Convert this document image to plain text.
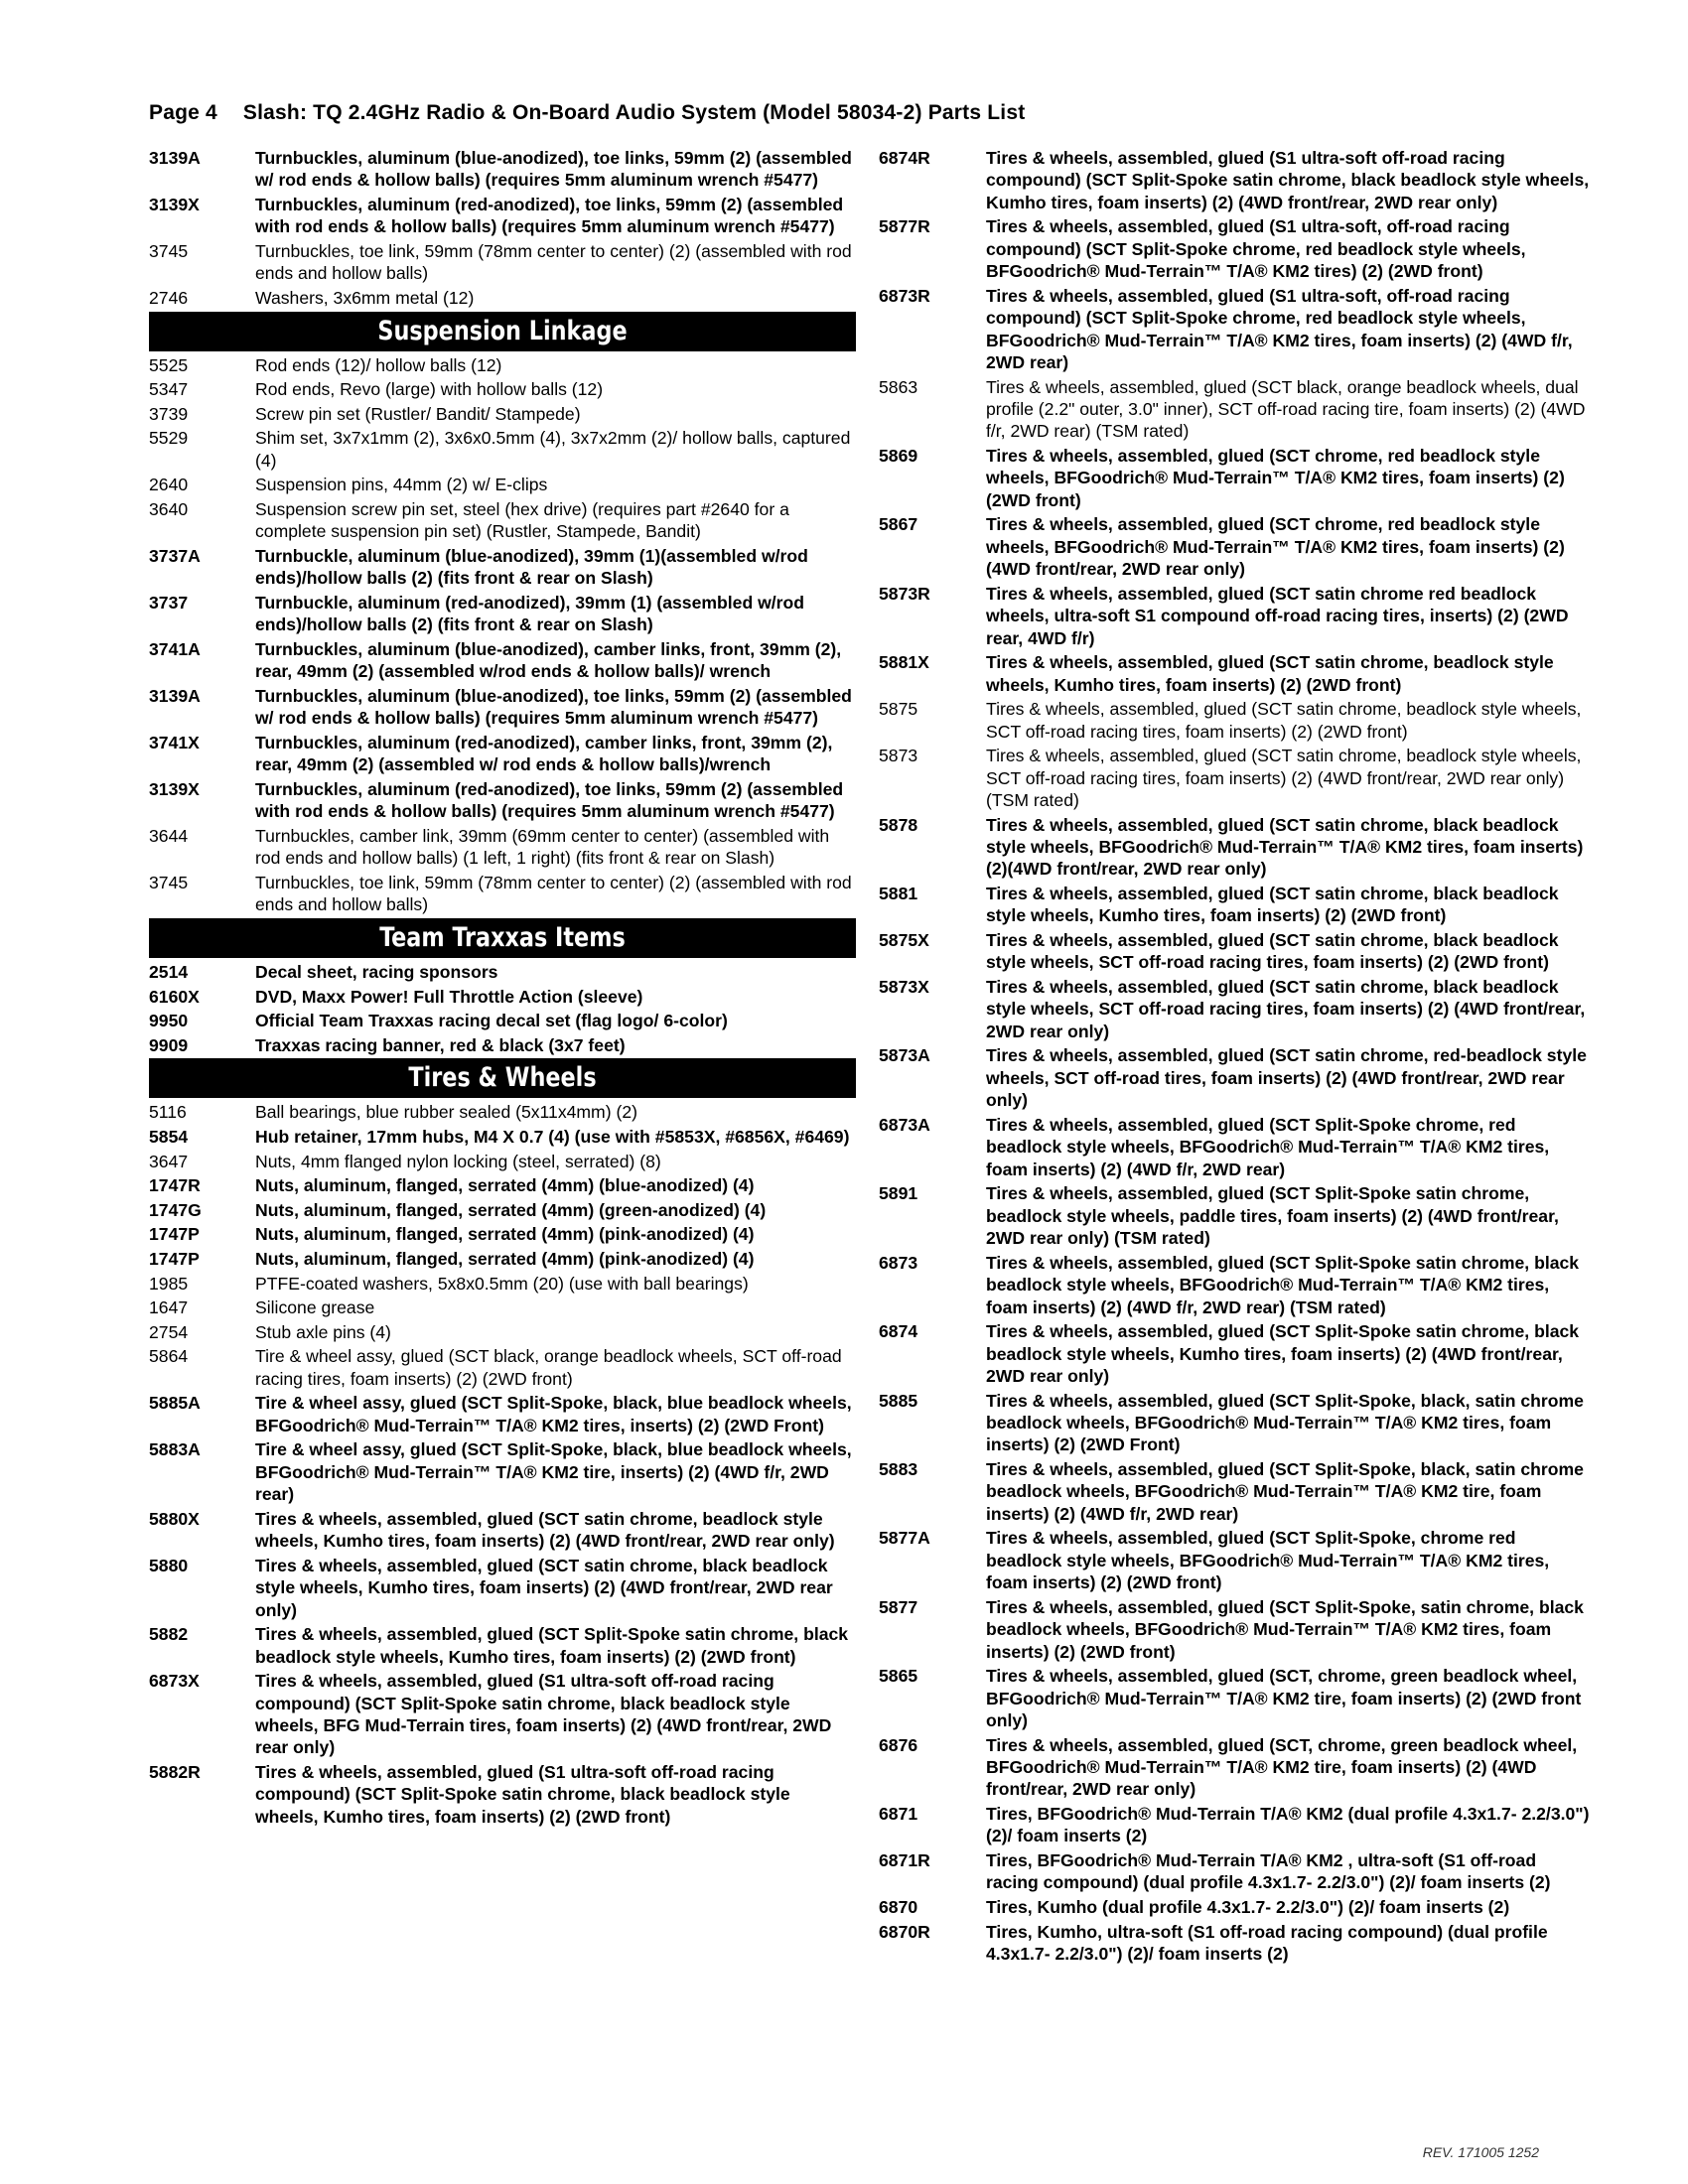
Page 4 Slash: TQ 2.4GHz Radio & On-Board Audio System (Model 58034-2) Parts List
3139A	Turnbuckles, aluminum (blue-anodized), toe links, 59mm (2) (assembled w/ rod ends & hollow balls) (requires 5mm aluminum wrench #5477)
3139X	Turnbuckles, aluminum (red-anodized), toe links, 59mm (2) (assembled with rod ends & hollow balls) (requires 5mm aluminum wrench #5477)
3745	Turnbuckles, toe link, 59mm (78mm center to center) (2) (assembled with rod ends and hollow balls)
2746	Washers, 3x6mm metal (12)
Suspension Linkage
5525	Rod ends (12)/ hollow balls (12)
5347	Rod ends, Revo (large) with hollow balls (12)
3739	Screw pin set (Rustler/ Bandit/ Stampede)
5529	Shim set, 3x7x1mm (2), 3x6x0.5mm (4), 3x7x2mm (2)/ hollow balls, captured (4)
2640	Suspension pins, 44mm (2) w/ E-clips
3640	Suspension screw pin set, steel (hex drive) (requires part #2640 for a complete suspension pin set) (Rustler, Stampede, Bandit)
3737A	Turnbuckle, aluminum (blue-anodized), 39mm (1)(assembled w/rod ends)/hollow balls (2) (fits front & rear on Slash)
3737	Turnbuckle, aluminum (red-anodized), 39mm (1) (assembled w/rod ends)/hollow balls (2) (fits front & rear on Slash)
3741A	Turnbuckles, aluminum (blue-anodized), camber links, front, 39mm (2), rear, 49mm (2) (assembled w/rod ends & hollow balls)/ wrench
3139A	Turnbuckles, aluminum (blue-anodized), toe links, 59mm (2) (assembled w/ rod ends & hollow balls) (requires 5mm aluminum wrench #5477)
3741X	Turnbuckles, aluminum (red-anodized), camber links, front, 39mm (2), rear, 49mm (2) (assembled w/ rod ends & hollow balls)/wrench
3139X	Turnbuckles, aluminum (red-anodized), toe links, 59mm (2) (assembled with rod ends & hollow balls) (requires 5mm aluminum wrench #5477)
3644	Turnbuckles, camber link, 39mm (69mm center to center) (assembled with rod ends and hollow balls) (1 left, 1 right) (fits front & rear on Slash)
3745	Turnbuckles, toe link, 59mm (78mm center to center) (2) (assembled with rod ends and hollow balls)
Team Traxxas Items
2514	Decal sheet, racing sponsors
6160X	DVD, Maxx Power! Full Throttle Action (sleeve)
9950	Official Team Traxxas racing decal set (flag logo/ 6-color)
9909	Traxxas racing banner, red & black (3x7 feet)
Tires & Wheels
5116	Ball bearings, blue rubber sealed (5x11x4mm) (2)
5854	Hub retainer, 17mm hubs, M4 X 0.7 (4) (use with #5853X, #6856X, #6469)
3647	Nuts, 4mm flanged nylon locking (steel, serrated) (8)
1747R	Nuts, aluminum, flanged, serrated (4mm) (blue-anodized) (4)
1747G	Nuts, aluminum, flanged, serrated (4mm) (green-anodized) (4)
1747P	Nuts, aluminum, flanged, serrated (4mm) (pink-anodized) (4)
1747P	Nuts, aluminum, flanged, serrated (4mm) (pink-anodized) (4)
1985	PTFE-coated washers, 5x8x0.5mm (20) (use with ball bearings)
1647	Silicone grease
2754	Stub axle pins (4)
5864	Tire & wheel assy, glued (SCT black, orange beadlock wheels, SCT off-road racing tires, foam inserts) (2) (2WD front)
5885A	Tire & wheel assy, glued (SCT Split-Spoke, black, blue beadlock wheels, BFGoodrich® Mud-Terrain™ T/A® KM2 tires, inserts) (2) (2WD Front)
5883A	Tire & wheel assy, glued (SCT Split-Spoke, black, blue beadlock wheels, BFGoodrich® Mud-Terrain™ T/A® KM2 tire, inserts) (2) (4WD f/r, 2WD rear)
5880X	Tires & wheels, assembled, glued (SCT satin chrome, beadlock style wheels, Kumho tires, foam inserts) (2) (4WD front/rear, 2WD rear only)
5880	Tires & wheels, assembled, glued (SCT satin chrome, black beadlock style wheels, Kumho tires, foam inserts) (2) (4WD front/rear, 2WD rear only)
5882	Tires & wheels, assembled, glued (SCT Split-Spoke satin chrome, black beadlock style wheels, Kumho tires, foam inserts) (2) (2WD front)
6873X	Tires & wheels, assembled, glued (S1 ultra-soft off-road racing compound) (SCT Split-Spoke satin chrome, black beadlock style wheels, BFG Mud-Terrain tires, foam inserts) (2) (4WD front/rear, 2WD rear only)
5882R	Tires & wheels, assembled, glued (S1 ultra-soft off-road racing compound) (SCT Split-Spoke satin chrome, black beadlock style wheels, Kumho tires, foam inserts) (2) (2WD front)
6874R	Tires & wheels, assembled, glued (S1 ultra-soft off-road racing compound) (SCT Split-Spoke satin chrome, black beadlock style wheels, Kumho tires, foam inserts) (2) (4WD front/rear, 2WD rear only)
5877R	Tires & wheels, assembled, glued (S1 ultra-soft, off-road racing compound) (SCT Split-Spoke chrome, red beadlock style wheels, BFGoodrich® Mud-Terrain™ T/A® KM2 tires) (2) (2WD front)
6873R	Tires & wheels, assembled, glued (S1 ultra-soft, off-road racing compound) (SCT Split-Spoke chrome, red beadlock style wheels, BFGoodrich® Mud-Terrain™ T/A® KM2 tires, foam inserts) (2) (4WD f/r, 2WD rear)
5863	Tires & wheels, assembled, glued (SCT black, orange beadlock wheels, dual profile (2.2" outer, 3.0" inner), SCT off-road racing tire, foam inserts) (2) (4WD f/r, 2WD rear) (TSM rated)
5869	Tires & wheels, assembled, glued (SCT chrome, red beadlock style wheels, BFGoodrich® Mud-Terrain™ T/A® KM2 tires, foam inserts) (2) (2WD front)
5867	Tires & wheels, assembled, glued (SCT chrome, red beadlock style wheels, BFGoodrich® Mud-Terrain™ T/A® KM2 tires, foam inserts) (2)(4WD front/rear, 2WD rear only)
5873R	Tires & wheels, assembled, glued (SCT satin chrome red beadlock wheels, ultra-soft S1 compound off-road racing tires, inserts) (2) (2WD rear, 4WD f/r)
5881X	Tires & wheels, assembled, glued (SCT satin chrome, beadlock style wheels, Kumho tires, foam inserts) (2) (2WD front)
5875	Tires & wheels, assembled, glued (SCT satin chrome, beadlock style wheels, SCT off-road racing tires, foam inserts) (2) (2WD front)
5873	Tires & wheels, assembled, glued (SCT satin chrome, beadlock style wheels, SCT off-road racing tires, foam inserts) (2) (4WD front/rear, 2WD rear only) (TSM rated)
5878	Tires & wheels, assembled, glued (SCT satin chrome, black beadlock style wheels, BFGoodrich® Mud-Terrain™ T/A® KM2 tires, foam inserts) (2)(4WD front/rear, 2WD rear only)
5881	Tires & wheels, assembled, glued (SCT satin chrome, black beadlock style wheels, Kumho tires, foam inserts) (2) (2WD front)
5875X	Tires & wheels, assembled, glued (SCT satin chrome, black beadlock style wheels, SCT off-road racing tires, foam inserts) (2) (2WD front)
5873X	Tires & wheels, assembled, glued (SCT satin chrome, black beadlock style wheels, SCT off-road racing tires, foam inserts) (2) (4WD front/rear, 2WD rear only)
5873A	Tires & wheels, assembled, glued (SCT satin chrome, red-beadlock style wheels, SCT off-road tires, foam inserts) (2) (4WD front/rear, 2WD rear only)
6873A	Tires & wheels, assembled, glued (SCT Split-Spoke chrome, red beadlock style wheels, BFGoodrich® Mud-Terrain™ T/A® KM2 tires, foam inserts) (2) (4WD f/r, 2WD rear)
5891	Tires & wheels, assembled, glued (SCT Split-Spoke satin chrome, beadlock style wheels, paddle tires, foam inserts) (2) (4WD front/rear, 2WD rear only) (TSM rated)
6873	Tires & wheels, assembled, glued (SCT Split-Spoke satin chrome, black beadlock style wheels, BFGoodrich® Mud-Terrain™ T/A® KM2 tires, foam inserts) (2) (4WD f/r, 2WD rear) (TSM rated)
6874	Tires & wheels, assembled, glued (SCT Split-Spoke satin chrome, black beadlock style wheels, Kumho tires, foam inserts) (2) (4WD front/rear, 2WD rear only)
5885	Tires & wheels, assembled, glued (SCT Split-Spoke, black, satin chrome beadlock wheels, BFGoodrich® Mud-Terrain™ T/A® KM2 tires, foam inserts) (2) (2WD Front)
5883	Tires & wheels, assembled, glued (SCT Split-Spoke, black, satin chrome beadlock wheels, BFGoodrich® Mud-Terrain™ T/A® KM2 tire, foam inserts) (2) (4WD f/r, 2WD rear)
5877A	Tires & wheels, assembled, glued (SCT Split-Spoke, chrome red beadlock style wheels, BFGoodrich® Mud-Terrain™ T/A® KM2 tires, foam inserts) (2) (2WD front)
5877	Tires & wheels, assembled, glued (SCT Split-Spoke, satin chrome, black beadlock wheels, BFGoodrich® Mud-Terrain™ T/A® KM2 tires, foam inserts) (2) (2WD front)
5865	Tires & wheels, assembled, glued (SCT, chrome, green beadlock wheel, BFGoodrich® Mud-Terrain™ T/A® KM2 tire, foam inserts) (2) (2WD front only)
6876	Tires & wheels, assembled, glued (SCT, chrome, green beadlock wheel, BFGoodrich® Mud-Terrain™ T/A® KM2 tire, foam inserts) (2) (4WD front/rear, 2WD rear only)
6871	Tires, BFGoodrich® Mud-Terrain T/A® KM2 (dual profile 4.3x1.7- 2.2/3.0") (2)/ foam inserts (2)
6871R	Tires, BFGoodrich® Mud-Terrain T/A® KM2 , ultra-soft (S1 off-road racing compound) (dual profile 4.3x1.7- 2.2/3.0") (2)/ foam inserts (2)
6870	Tires, Kumho (dual profile 4.3x1.7- 2.2/3.0") (2)/ foam inserts (2)
6870R	Tires, Kumho, ultra-soft (S1 off-road racing compound) (dual profile 4.3x1.7- 2.2/3.0") (2)/ foam inserts (2)
REV. 171005 1252
